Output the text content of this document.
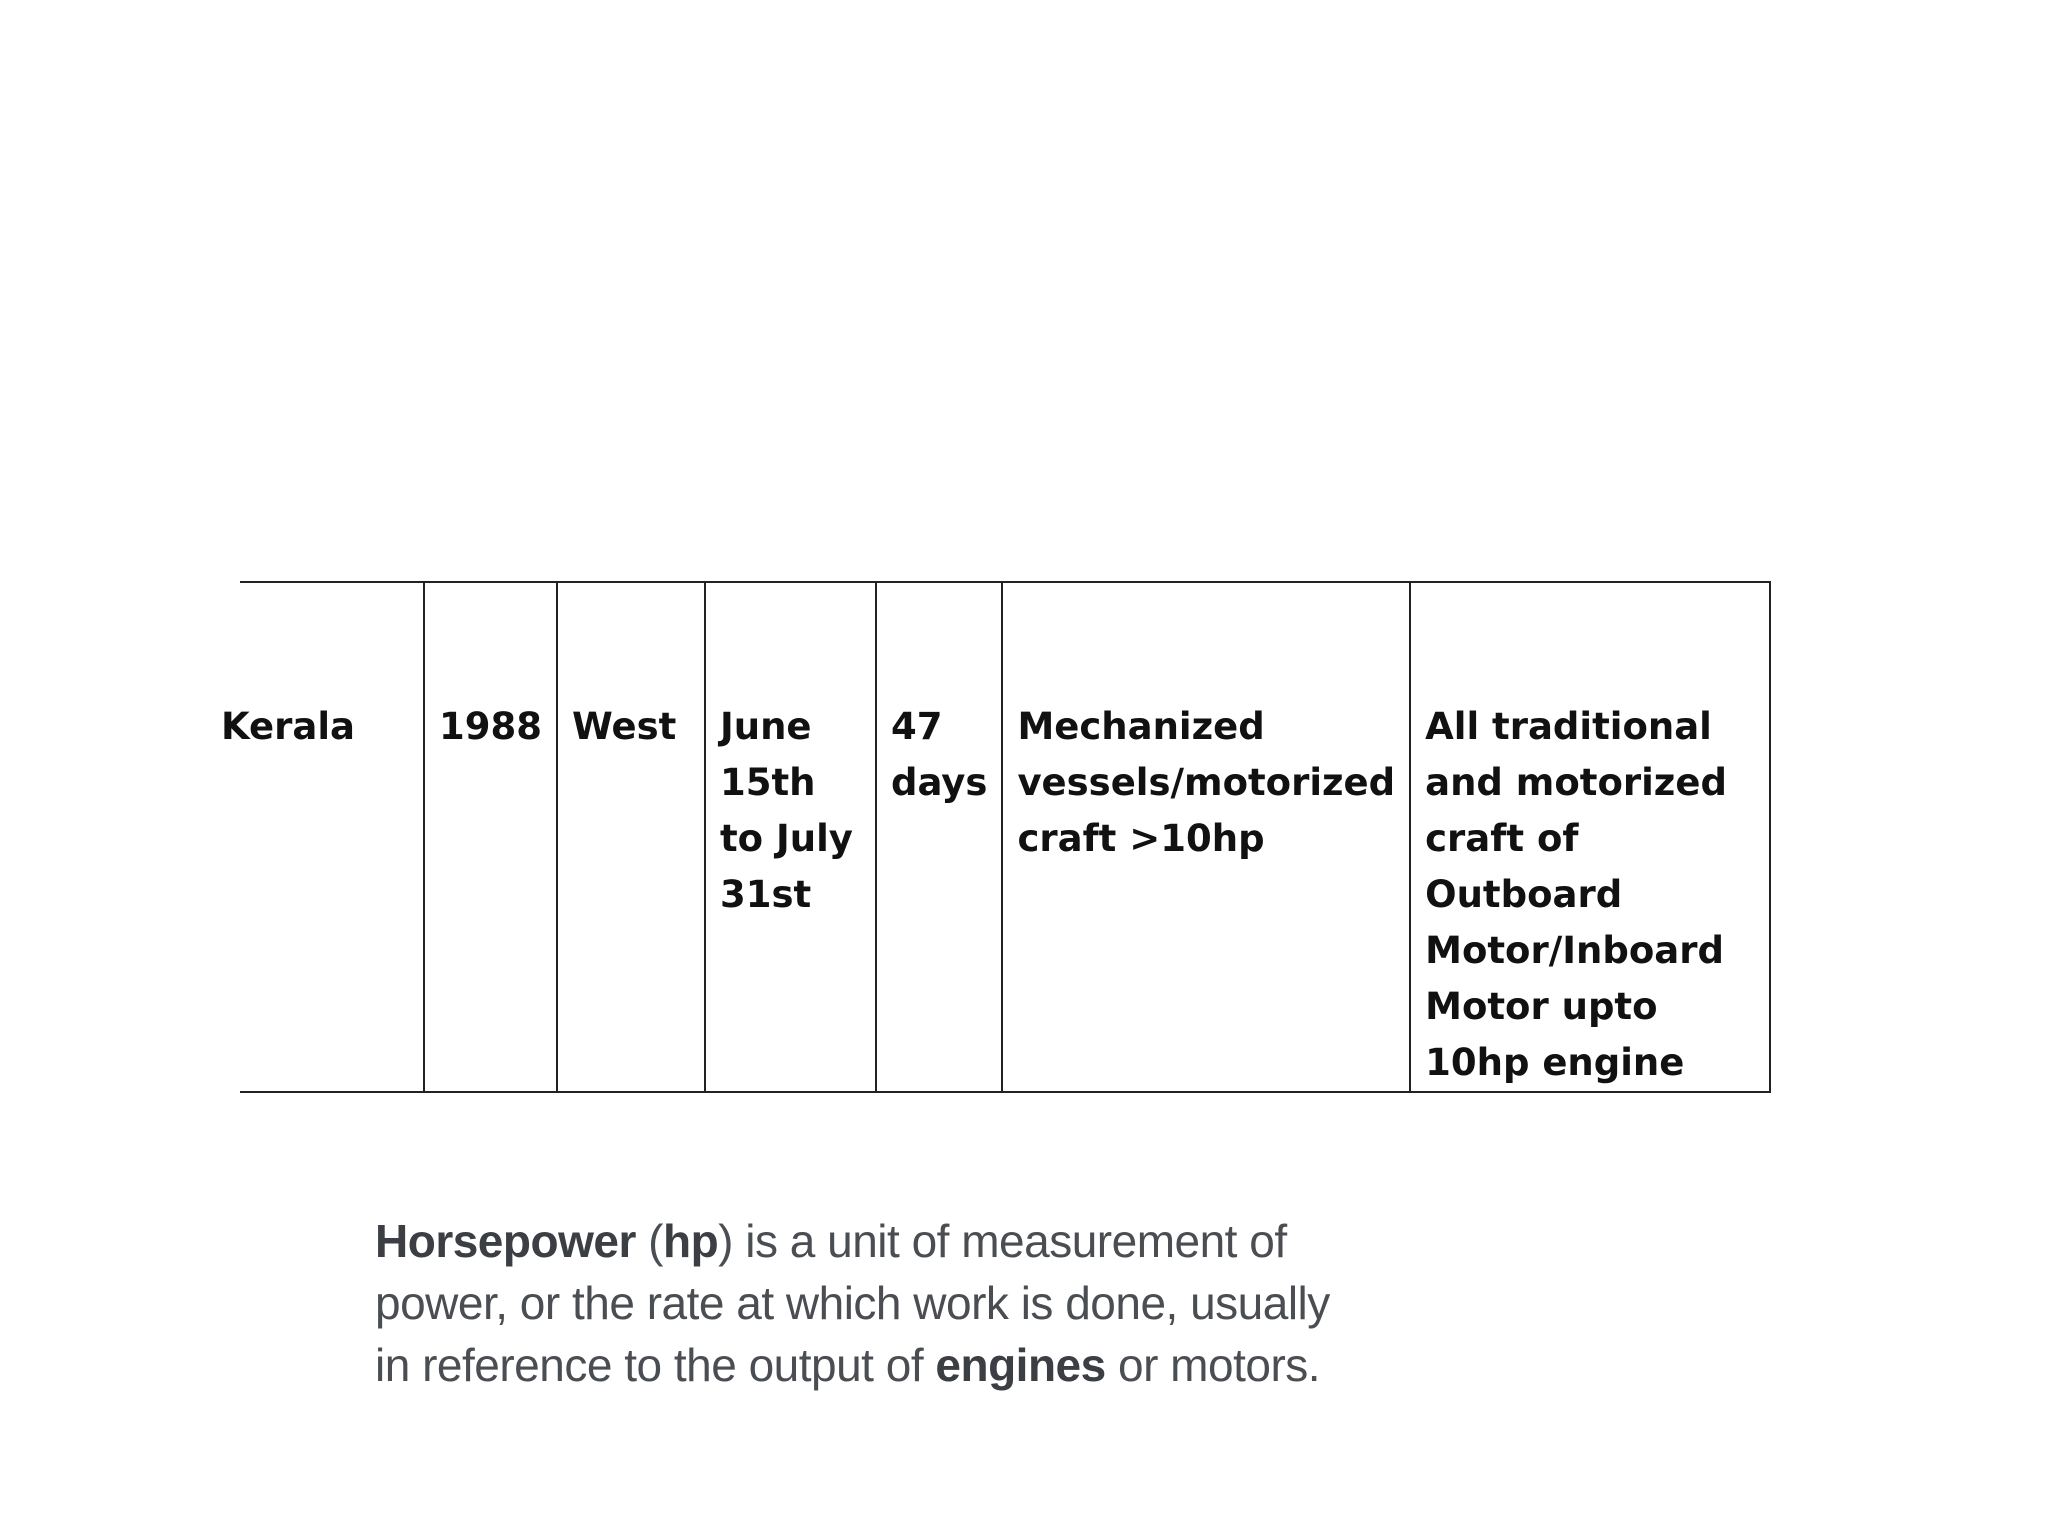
Kerala	1988	West	June 15th to July 31st	47 days	Mechanized vessels/motorized craft >10hp	All traditional and motorized craft of Outboard Motor/Inboard Motor upto 10hp engine
Horsepower (hp) is a unit of measurement of power, or the rate at which work is done, usually in reference to the output of engines or motors.
